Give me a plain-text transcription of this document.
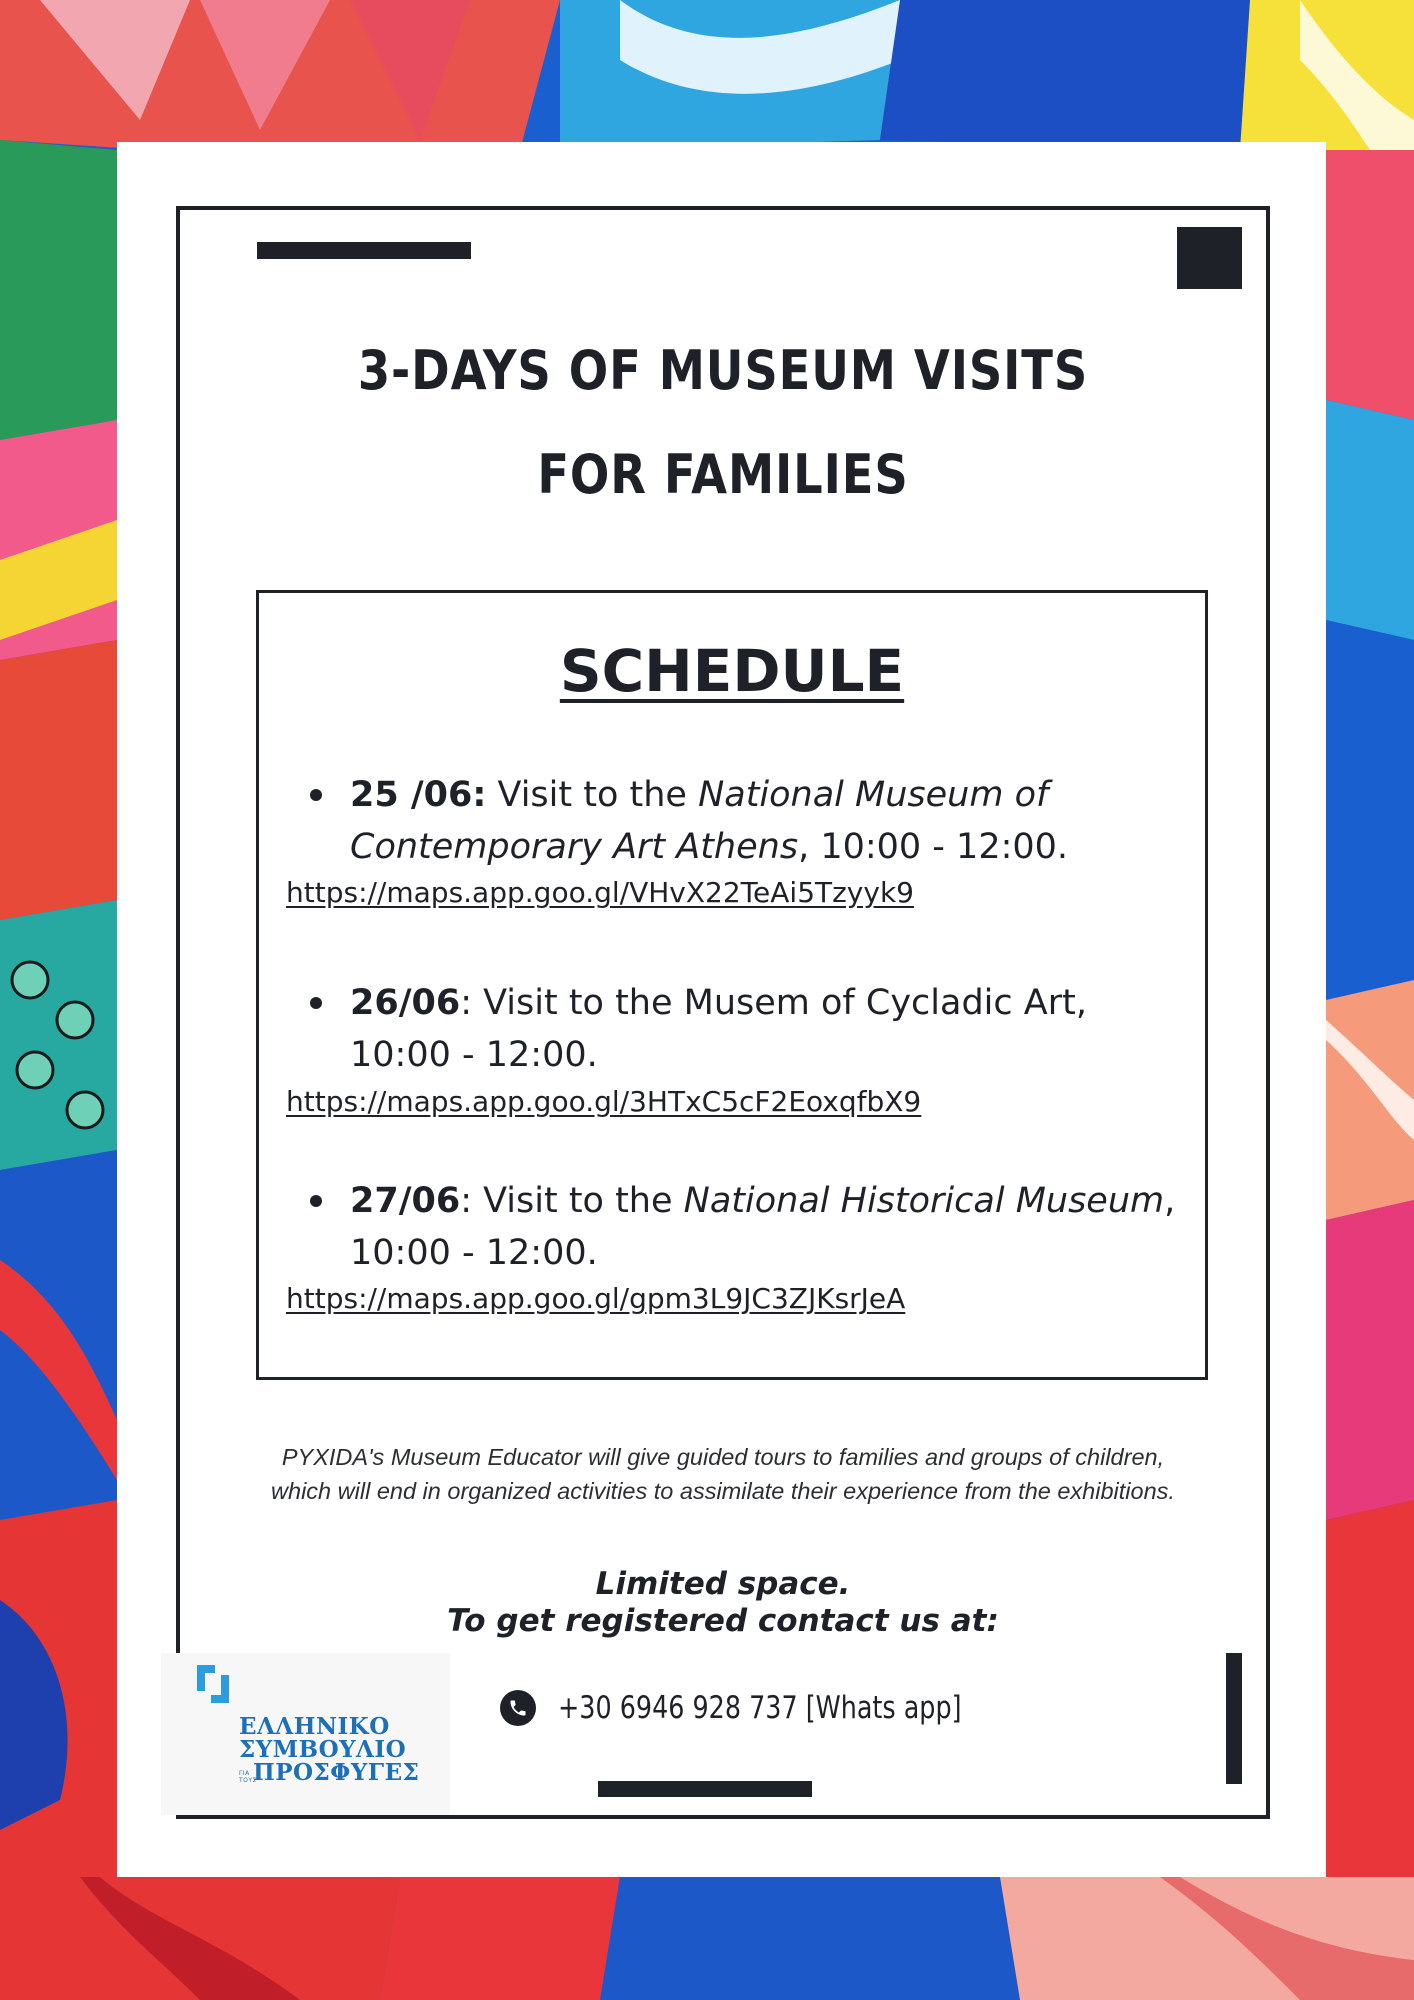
3-DAYS OF MUSEUM VISITS
FOR FAMILIES
SCHEDULE
25 /06: Visit to the National Museum of Contemporary Art Athens, 10:00 - 12:00.
https://maps.app.goo.gl/VHvX22TeAi5Tzyyk9
26/06: Visit to the Musem of Cycladic Art, 10:00 - 12:00.
https://maps.app.goo.gl/3HTxC5cF2EoxqfbX9
27/06: Visit to the National Historical Museum, 10:00 - 12:00.
https://maps.app.goo.gl/gpm3L9JC3ZJKsrJeA
PYXIDA's Museum Educator will give guided tours to families and groups of children,
which will end in organized activities to assimilate their experience from the exhibitions.
Limited space.
To get registered contact us at:
+30 6946 928 737 [Whats app]
ΕΛΛΗΝΙΚΟ
ΣΥΜΒΟΥΛΙΟ
ΓΙΑ ΤΟΥΣΠΡΟΣΦΥΓΕΣ
